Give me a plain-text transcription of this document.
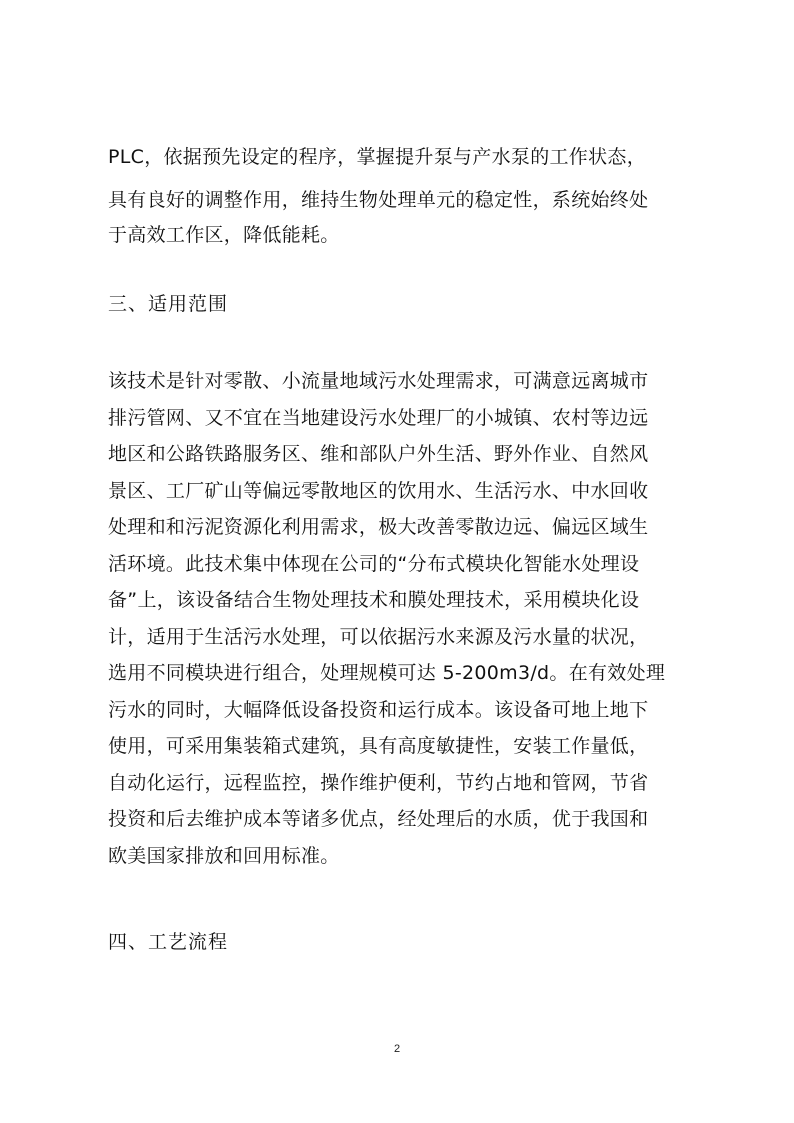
PLC，依据预先设定的程序，掌握提升泵与产水泵的工作状态，
具有良好的调整作用，维持生物处理单元的稳定性，系统始终处
于高效工作区，降低能耗。
三、适用范围
该技术是针对零散、小流量地域污水处理需求，可满意远离城市
排污管网、又不宜在当地建设污水处理厂的小城镇、农村等边远
地区和公路铁路服务区、维和部队户外生活、野外作业、自然风
景区、工厂矿山等偏远零散地区的饮用水、生活污水、中水回收
处理和和污泥资源化利用需求，极大改善零散边远、偏远区域生
活环境。此技术集中体现在公司的“分布式模块化智能水处理设
备”上，该设备结合生物处理技术和膜处理技术，采用模块化设
计，适用于生活污水处理，可以依据污水来源及污水量的状况，
选用不同模块进行组合，处理规模可达 5-200m3/d。在有效处理
污水的同时，大幅降低设备投资和运行成本。该设备可地上地下
使用，可采用集装箱式建筑，具有高度敏捷性，安装工作量低，
自动化运行，远程监控，操作维护便利，节约占地和管网，节省
投资和后去维护成本等诸多优点，经处理后的水质，优于我国和
欧美国家排放和回用标准。
四、工艺流程
2
